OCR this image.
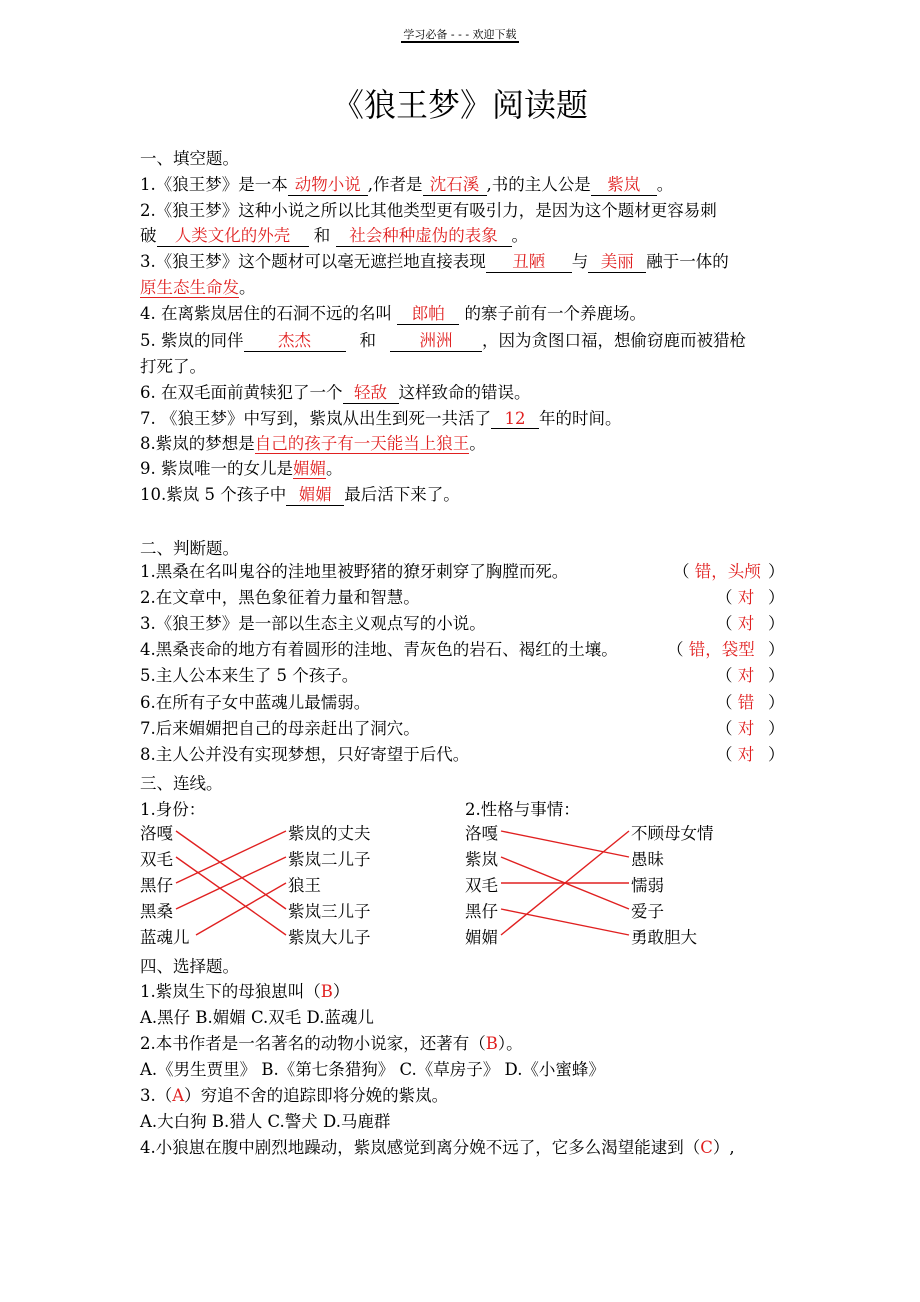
学习必备 - - - 欢迎下载
《狼王梦》阅读题
一、填空题。
1.《狼王梦》是一本 动物小说 ,作者是 沈石溪 ,书的主人公是 紫岚 。
2.《狼王梦》这种小说之所以比其他类型更有吸引力，是因为这个题材更容易刺
破 人类文化的外壳 和 社会种种虚伪的表象 。
3.《狼王梦》这个题材可以毫无遮拦地直接表现 丑陋 与 美丽 融于一体的
原生态生命发。
4. 在离紫岚居住的石洞不远的名叫 郎帕 的寨子前有一个养鹿场。
5. 紫岚的同伴 杰杰	和	洲洲 ，因为贪图口福，想偷窃鹿而被猎枪
打死了。
6. 在双毛面前黄犊犯了一个 轻敌 这样致命的错误。
7. 《狼王梦》中写到，紫岚从出生到死一共活了 12 年的时间。
8.紫岚的梦想是自己的孩子有一天能当上狼王。
9. 紫岚唯一的女儿是媚媚。
10.紫岚 5 个孩子中 媚媚 最后活下来了。
二、判断题。
1.黑桑在名叫鬼谷的洼地里被野猪的獠牙刺穿了胸膛而死。	（ 错，头颅 ）
2.在文章中，黑色象征着力量和智慧。	（ 对 ）
3.《狼王梦》是一部以生态主义观点写的小说。	（ 对 ）
4.黑桑丧命的地方有着圆形的洼地、青灰色的岩石、褐红的土壤。	（ 错，袋型 ）
5.主人公本来生了 5 个孩子。	（ 对 ）
6.在所有子女中蓝魂儿最懦弱。	（ 错 ）
7.后来媚媚把自己的母亲赶出了洞穴。	（ 对 ）
8.主人公并没有实现梦想，只好寄望于后代。	（ 对 ）
三、连线。
1.身份：	2.性格与事情：
洛嘎
双毛
黑仔
黑桑
蓝魂儿
紫岚的丈夫
紫岚二儿子
狼王
紫岚三儿子
紫岚大儿子
洛嘎
紫岚
双毛
黑仔
媚媚
不顾母女情
愚昧
懦弱
爱子
勇敢胆大
四、选择题。
1.紫岚生下的母狼崽叫（B）
A.黑仔 B.媚媚 C.双毛 D.蓝魂儿
2.本书作者是一名著名的动物小说家，还著有（B）。
A.《男生贾里》 B.《第七条猎狗》 C.《草房子》 D.《小蜜蜂》
3.（A）穷追不舍的追踪即将分娩的紫岚。
A.大白狗 B.猎人 C.警犬 D.马鹿群
4.小狼崽在腹中剧烈地躁动，紫岚感觉到离分娩不远了，它多么渴望能逮到（C）,
